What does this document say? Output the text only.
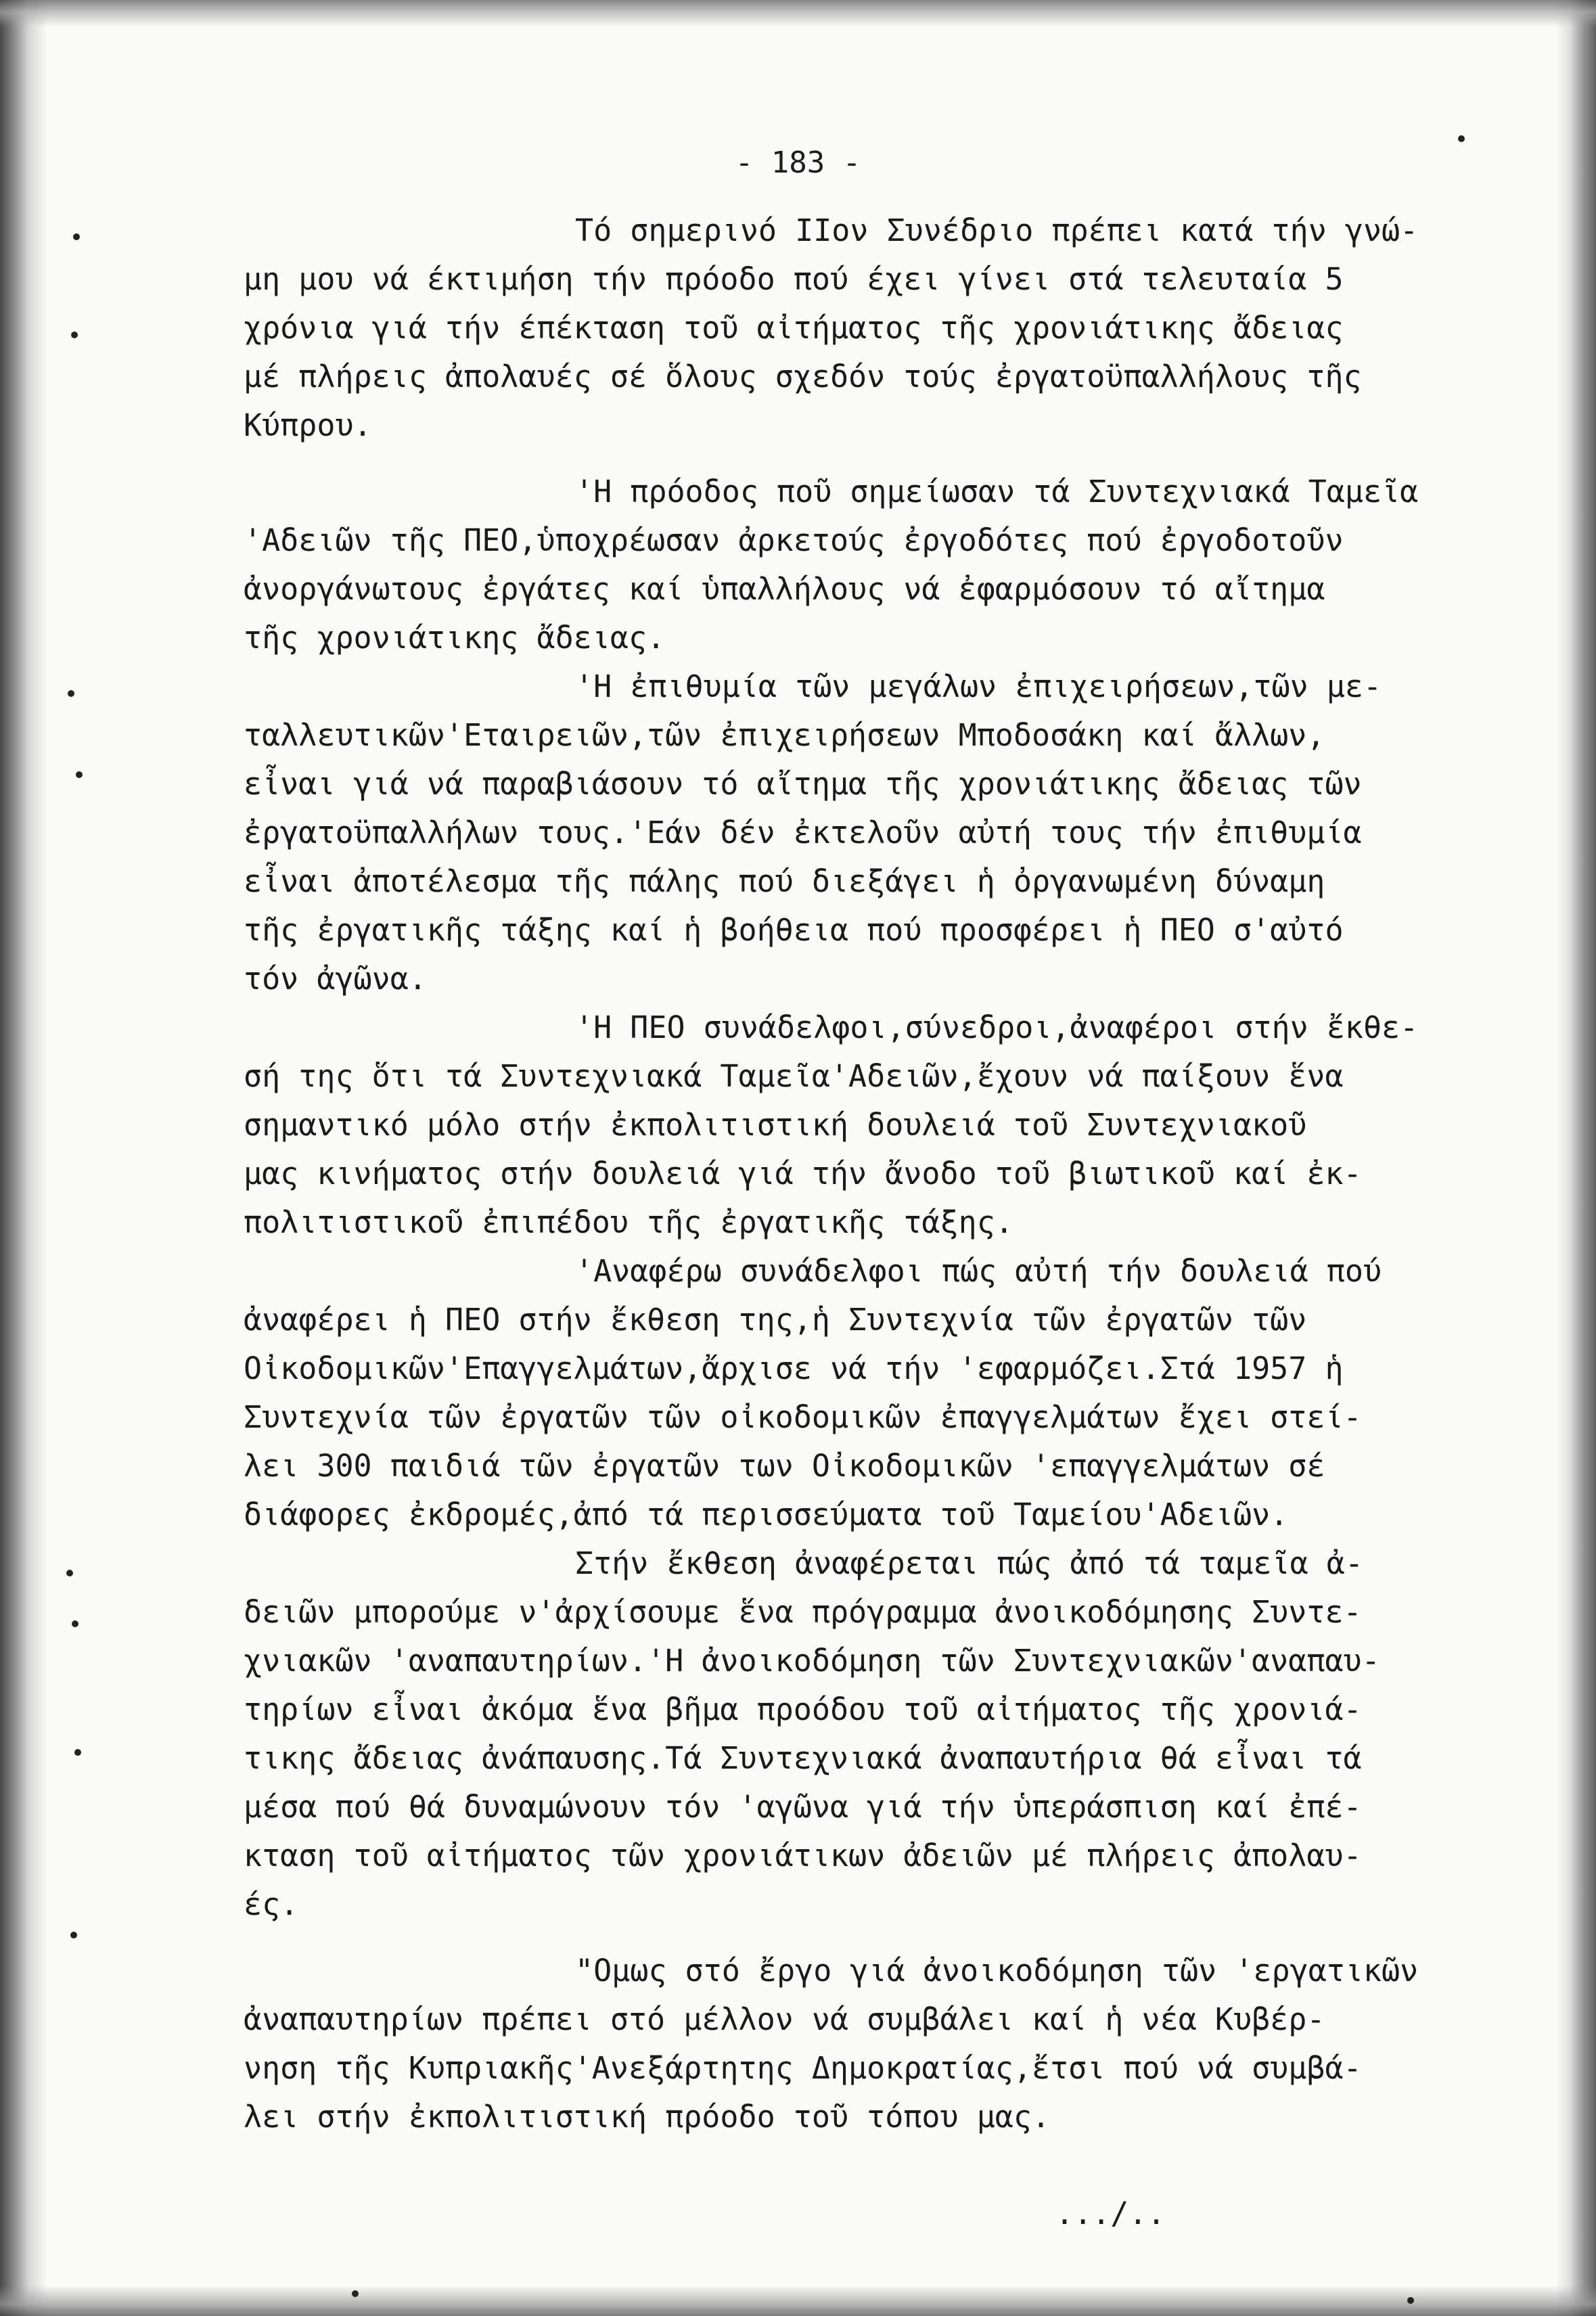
- 183 -
Τό σημερινό ΙΙον Συνέδριο πρέπει κατά τήν γνώ-
μη μου νά έκτιμήση τήν πρόοδο πού έχει γίνει στά τελευταία 5
χρόνια γιά τήν έπέκταση τοῦ αἰτήματος τῆς χρονιάτικης ἄδειας
μέ πλήρεις ἀπολαυές σέ ὅλους σχεδόν τούς ἐργατοϋπαλλήλους τῆς
Κύπρου.
'Η πρόοδος ποῦ σημείωσαν τά Συντεχνιακά Ταμεῖα
'Αδειῶν τῆς ΠΕΟ,ὑποχρέωσαν ἀρκετούς ἐργοδότες πού ἐργοδοτοῦν
ἀνοργάνωτους ἐργάτες καί ὑπαλλήλους νά ἐφαρμόσουν τό αἴτημα
τῆς χρονιάτικης ἄδειας.
'Η ἐπιθυμία τῶν μεγάλων ἐπιχειρήσεων,τῶν με-
ταλλευτικῶν'Εταιρειῶν,τῶν ἐπιχειρήσεων Μποδοσάκη καί ἄλλων,
εἶναι γιά νά παραβιάσουν τό αἴτημα τῆς χρονιάτικης ἄδειας τῶν
ἐργατοϋπαλλήλων τους.'Εάν δέν ἐκτελοῦν αὐτή τους τήν ἐπιθυμία
εἶναι ἀποτέλεσμα τῆς πάλης πού διεξάγει ἡ ὀργανωμένη δύναμη
τῆς ἐργατικῆς τάξης καί ἡ βοήθεια πού προσφέρει ἡ ΠΕΟ σ'αὐτό
τόν ἀγῶνα.
'Η ΠΕΟ συνάδελφοι,σύνεδροι,ἀναφέροι στήν ἔκθε-
σή της ὅτι τά Συντεχνιακά Ταμεῖα'Αδειῶν,ἔχουν νά παίξουν ἕνα
σημαντικό μόλο στήν ἐκπολιτιστική δουλειά τοῦ Συντεχνιακοῦ
μας κινήματος στήν δουλειά γιά τήν ἄνοδο τοῦ βιωτικοῦ καί ἐκ-
πολιτιστικοῦ ἐπιπέδου τῆς ἐργατικῆς τάξης.
'Αναφέρω συνάδελφοι πώς αὐτή τήν δουλειά πού
ἀναφέρει ἡ ΠΕΟ στήν ἔκθεση της,ἡ Συντεχνία τῶν ἐργατῶν τῶν
Οἰκοδομικῶν'Επαγγελμάτων,ἄρχισε νά τήν 'εφαρμόζει.Στά 1957 ἡ
Συντεχνία τῶν ἐργατῶν τῶν οἰκοδομικῶν ἐπαγγελμάτων ἔχει στεί-
λει 300 παιδιά τῶν ἐργατῶν των Οἰκοδομικῶν 'επαγγελμάτων σέ
διάφορες ἐκδρομές,ἀπό τά περισσεύματα τοῦ Ταμείου'Αδειῶν.
Στήν ἔκθεση ἀναφέρεται πώς ἀπό τά ταμεῖα ἀ-
δειῶν μπορούμε ν'ἀρχίσουμε ἕνα πρόγραμμα ἀνοικοδόμησης Συντε-
χνιακῶν 'αναπαυτηρίων.'Η ἀνοικοδόμηση τῶν Συντεχνιακῶν'αναπαυ-
τηρίων εἶναι ἀκόμα ἕνα βῆμα προόδου τοῦ αἰτήματος τῆς χρονιά-
τικης ἄδειας ἀνάπαυσης.Τά Συντεχνιακά ἀναπαυτήρια θά εἶναι τά
μέσα πού θά δυναμώνουν τόν 'αγῶνα γιά τήν ὑπεράσπιση καί ἐπέ-
κταση τοῦ αἰτήματος τῶν χρονιάτικων ἀδειῶν μέ πλήρεις ἀπολαυ-
ές.
"Ομως στό ἔργο γιά ἀνοικοδόμηση τῶν 'εργατικῶν
ἀναπαυτηρίων πρέπει στό μέλλον νά συμβάλει καί ἡ νέα Κυβέρ-
νηση τῆς Κυπριακῆς'Ανεξάρτητης Δημοκρατίας,ἔτσι πού νά συμβά-
λει στήν ἐκπολιτιστική πρόοδο τοῦ τόπου μας.
.../..
